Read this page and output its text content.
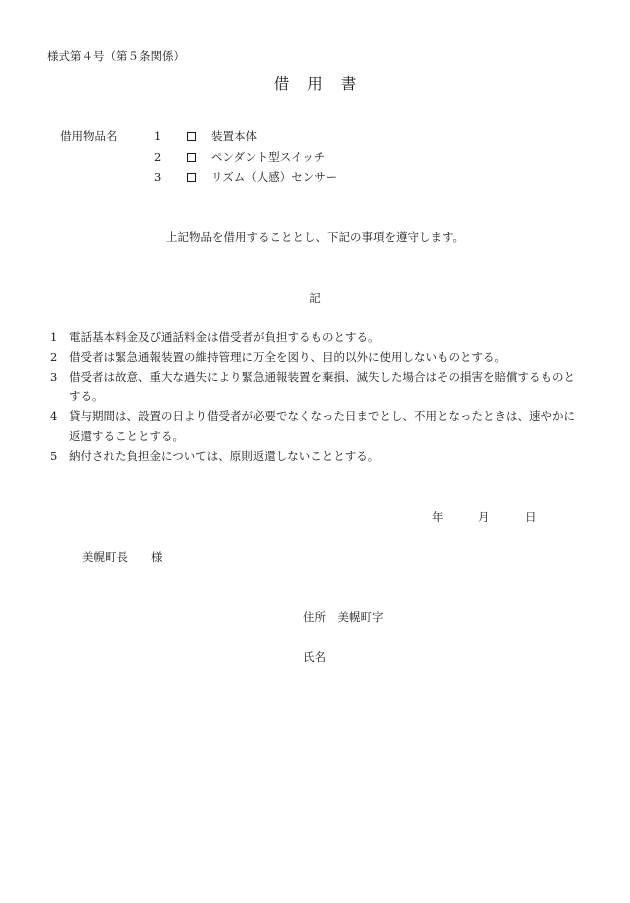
様式第４号（第５条関係）
借 用 書
借用物品名	1	装置本体
2	ペンダント型スイッチ
3	リズム（人感）センサー
上記物品を借用することとし、下記の事項を遵守します。
記
1 電話基本料金及び通話料金は借受者が負担するものとする。
2 借受者は緊急通報装置の維持管理に万全を図り、目的以外に使用しないものとする。
3 借受者は故意、重大な過失により緊急通報装置を棄損、滅失した場合はその損害を賠償するものと
する。
4 貸与期間は、設置の日より借受者が必要でなくなった日までとし、不用となったときは、速やかに
返還することとする。
5 納付された負担金については、原則返還しないこととする。
年	月	日
美幌町長　　様
住所　美幌町字
氏名
